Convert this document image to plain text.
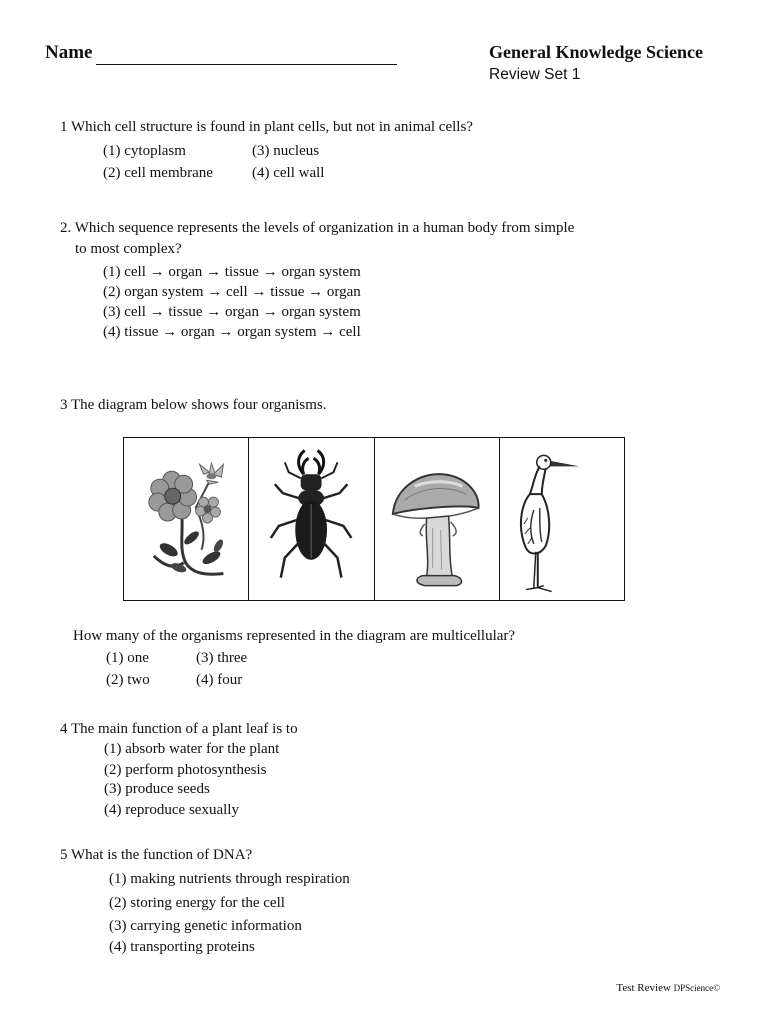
Name	General Knowledge Science
Review Set 1
1 Which cell structure is found in plant cells, but not in animal cells?
(1) cytoplasm	(3) nucleus
(2) cell membrane	(4) cell wall
2. Which sequence represents the levels of organization in a human body from simple
to most complex?
(1) cell → organ → tissue → organ system
(2) organ system → cell → tissue → organ
(3) cell → tissue → organ → organ system
(4) tissue → organ → organ system → cell
3 The diagram below shows four organisms.
How many of the organisms represented in the diagram are multicellular?
(1) one	(3) three
(2) two	(4) four
4 The main function of a plant leaf is to
(1) absorb water for the plant
(2) perform photosynthesis
(3) produce seeds
(4) reproduce sexually
5 What is the function of DNA?
(1) making nutrients through respiration
(2) storing energy for the cell
(3) carrying genetic information
(4) transporting proteins
Test Review DPScience©
